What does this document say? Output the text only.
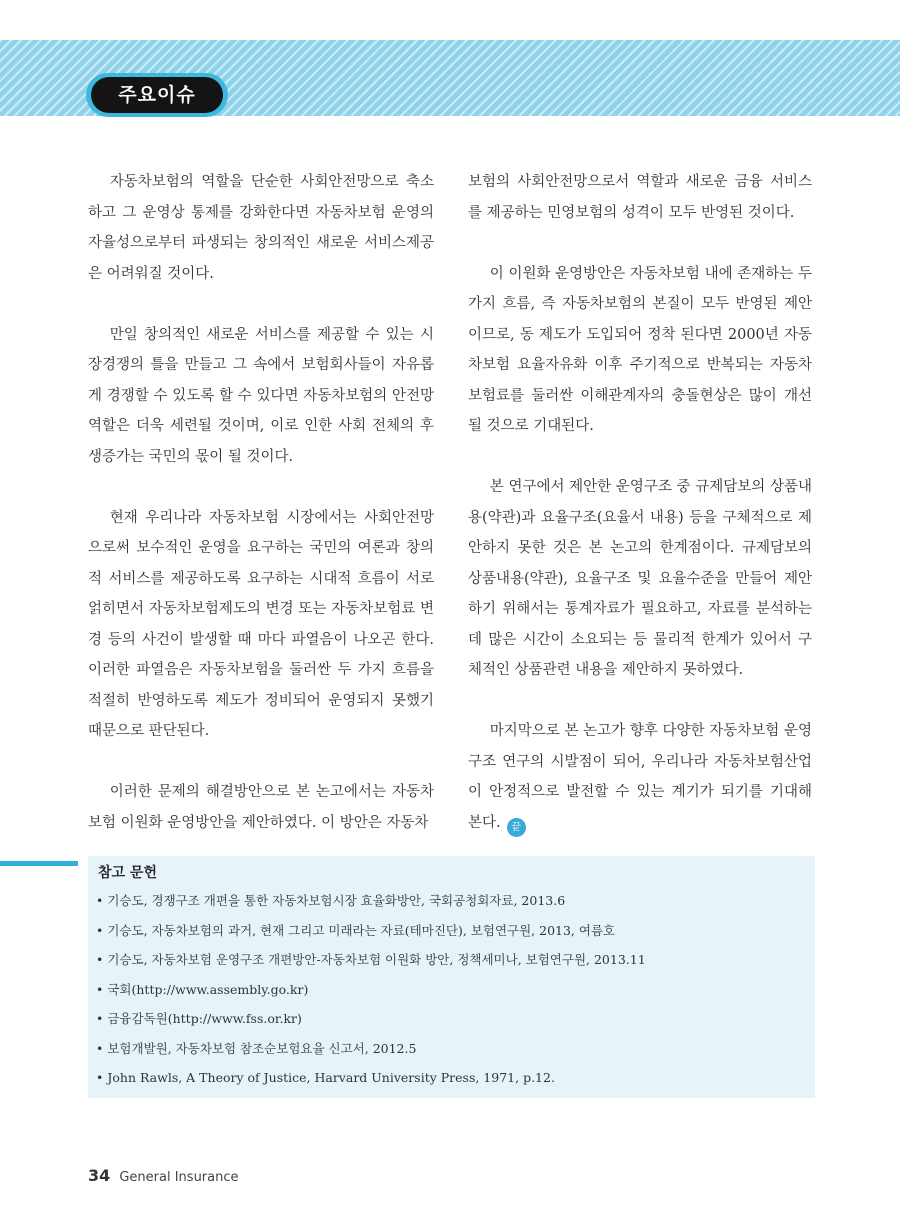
주요이슈

자동차보험의 역할을 단순한 사회안전망으로 축소하고 그 운영상 통제를 강화한다면 자동차보험 운영의 자율성으로부터 파생되는 창의적인 새로운 서비스제공은 어려워질 것이다.

만일 창의적인 새로운 서비스를 제공할 수 있는 시장경쟁의 틀을 만들고 그 속에서 보험회사들이 자유롭게 경쟁할 수 있도록 할 수 있다면 자동차보험의 안전망 역할은 더욱 세련될 것이며, 이로 인한 사회 전체의 후생증가는 국민의 몫이 될 것이다.

현재 우리나라 자동차보험 시장에서는 사회안전망으로써 보수적인 운영을 요구하는 국민의 여론과 창의적 서비스를 제공하도록 요구하는 시대적 흐름이 서로 얽히면서 자동차보험제도의 변경 또는 자동차보험료 변경 등의 사건이 발생할 때 마다 파열음이 나오곤 한다. 이러한 파열음은 자동차보험을 둘러싼 두 가지 흐름을 적절히 반영하도록 제도가 정비되어 운영되지 못했기 때문으로 판단된다.

이러한 문제의 해결방안으로 본 논고에서는 자동차보험 이원화 운영방안을 제안하였다. 이 방안은 자동차

보험의 사회안전망으로서 역할과 새로운 금융 서비스를 제공하는 민영보험의 성격이 모두 반영된 것이다.

이 이원화 운영방안은 자동차보험 내에 존재하는 두 가지 흐름, 즉 자동차보험의 본질이 모두 반영된 제안이므로, 동 제도가 도입되어 정착 된다면 2000년 자동차보험 요율자유화 이후 주기적으로 반복되는 자동차보험료를 둘러싼 이해관계자의 충돌현상은 많이 개선될 것으로 기대된다.

본 연구에서 제안한 운영구조 중 규제담보의 상품내용(약관)과 요율구조(요율서 내용) 등을 구체적으로 제안하지 못한 것은 본 논고의 한계점이다. 규제담보의 상품내용(약관), 요율구조 및 요율수준을 만들어 제안하기 위해서는 통계자료가 필요하고, 자료를 분석하는데 많은 시간이 소요되는 등 물리적 한계가 있어서 구체적인 상품관련 내용을 제안하지 못하였다.

마지막으로 본 논고가 향후 다양한 자동차보험 운영구조 연구의 시발점이 되어, 우리나라 자동차보험산업이 안정적으로 발전할 수 있는 계기가 되기를 기대해 본다. 끝

참고 문헌
• 기승도, 경쟁구조 개편을 통한 자동차보험시장 효율화방안, 국회공청회자료, 2013.6
• 기승도, 자동차보험의 과거, 현재 그리고 미래라는 자료(테마진단), 보험연구원, 2013, 여름호
• 기승도, 자동차보험 운영구조 개편방안-자동차보험 이원화 방안, 정책세미나, 보험연구원, 2013.11
• 국회(http://www.assembly.go.kr)
• 금융감독원(http://www.fss.or.kr)
• 보험개발원, 자동차보험 참조순보험요율 신고서, 2012.5
• John Rawls, A Theory of Justice, Harvard University Press, 1971, p.12.
34 General Insurance
